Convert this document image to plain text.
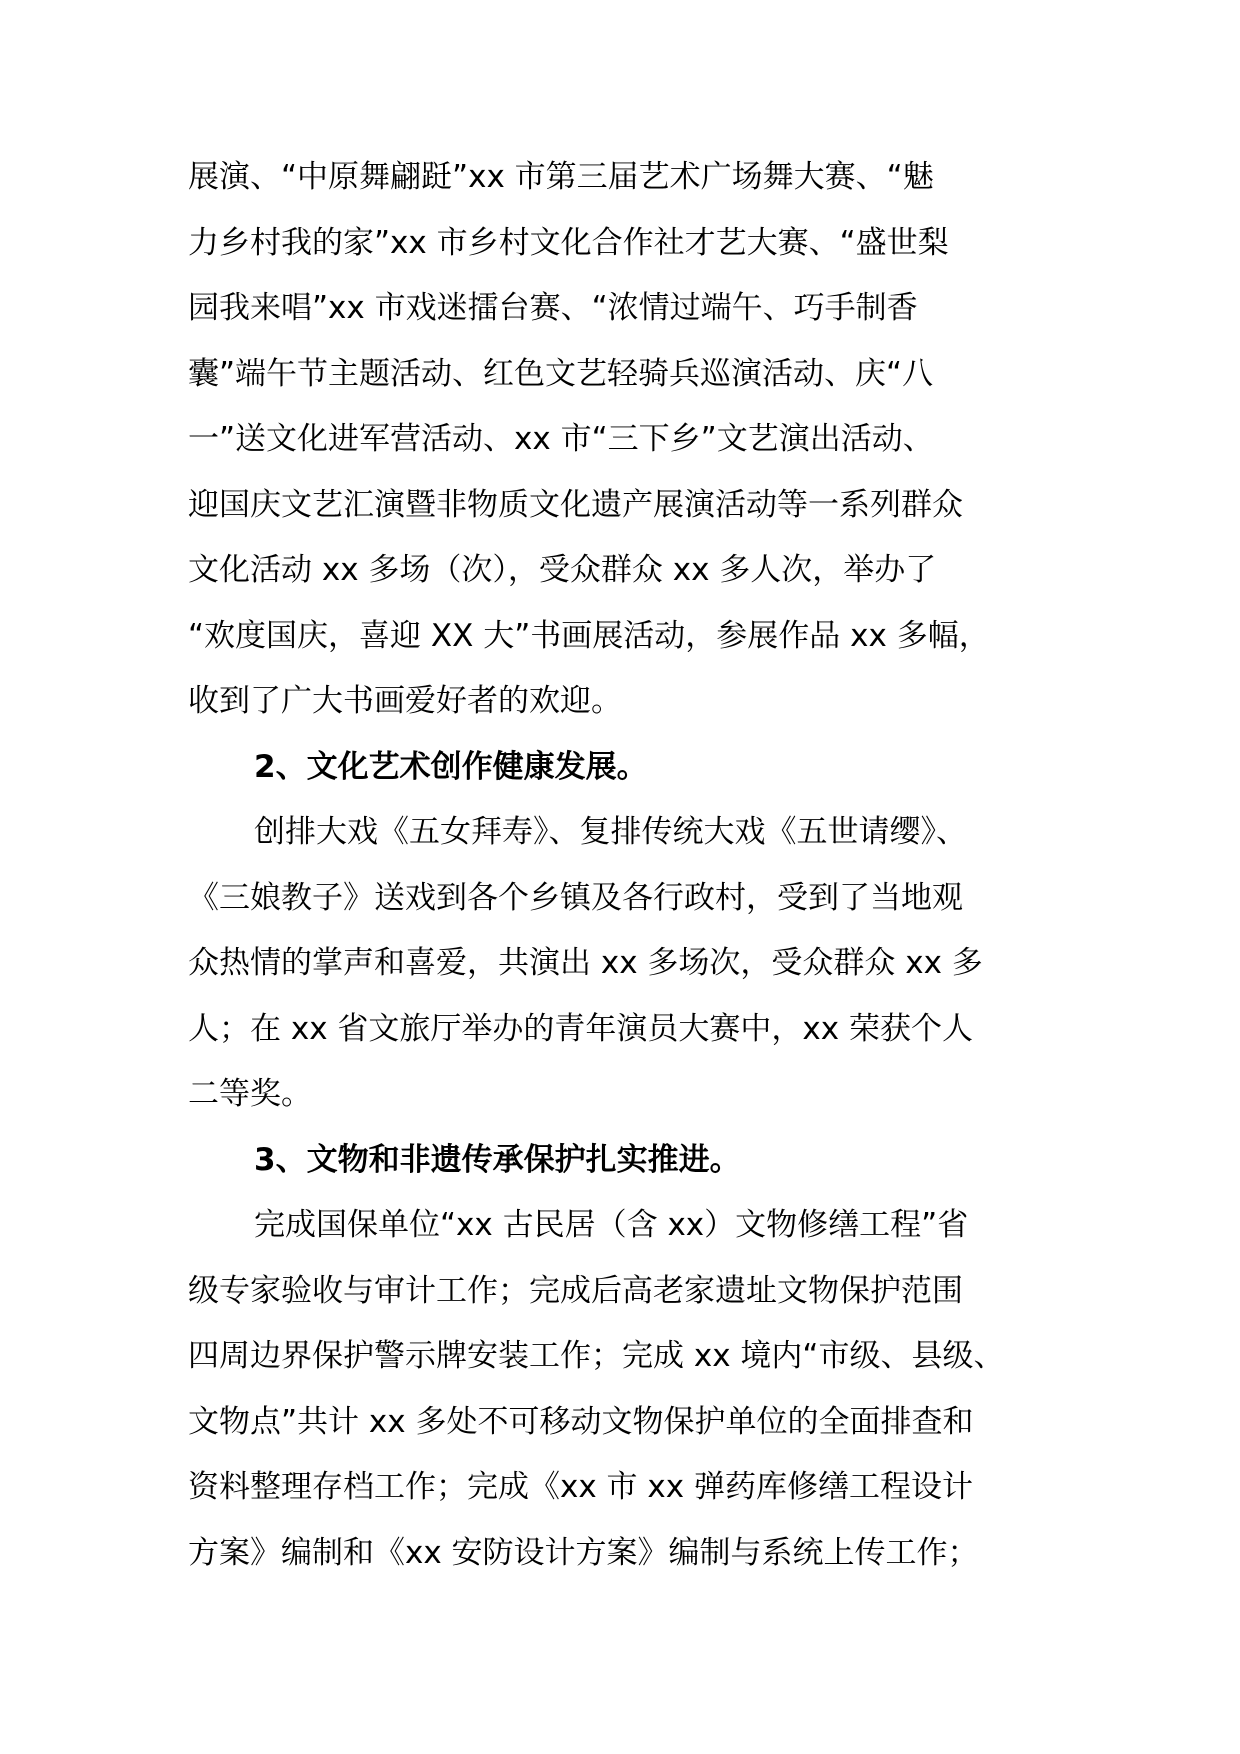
展演、“中原舞翩跹”xx 市第三届艺术广场舞大赛、“魅
力乡村我的家”xx 市乡村文化合作社才艺大赛、“盛世梨
园我来唱”xx 市戏迷擂台赛、“浓情过端午、巧手制香
囊”端午节主题活动、红色文艺轻骑兵巡演活动、庆“八
一”送文化进军营活动、xx 市“三下乡”文艺演出活动、
迎国庆文艺汇演暨非物质文化遗产展演活动等一系列群众
文化活动 xx 多场（次），受众群众 xx 多人次，举办了
“欢度国庆，喜迎 XX 大”书画展活动，参展作品 xx 多幅，
收到了广大书画爱好者的欢迎。
2、文化艺术创作健康发展。
创排大戏《五女拜寿》、复排传统大戏《五世请缨》、
《三娘教子》送戏到各个乡镇及各行政村，受到了当地观
众热情的掌声和喜爱，共演出 xx 多场次，受众群众 xx 多
人；在 xx 省文旅厅举办的青年演员大赛中，xx 荣获个人
二等奖。
3、文物和非遗传承保护扎实推进。
完成国保单位“xx 古民居（含 xx）文物修缮工程”省
级专家验收与审计工作；完成后高老家遗址文物保护范围
四周边界保护警示牌安装工作；完成 xx 境内“市级、县级、
文物点”共计 xx 多处不可移动文物保护单位的全面排查和
资料整理存档工作；完成《xx 市 xx 弹药库修缮工程设计
方案》编制和《xx 安防设计方案》编制与系统上传工作；
